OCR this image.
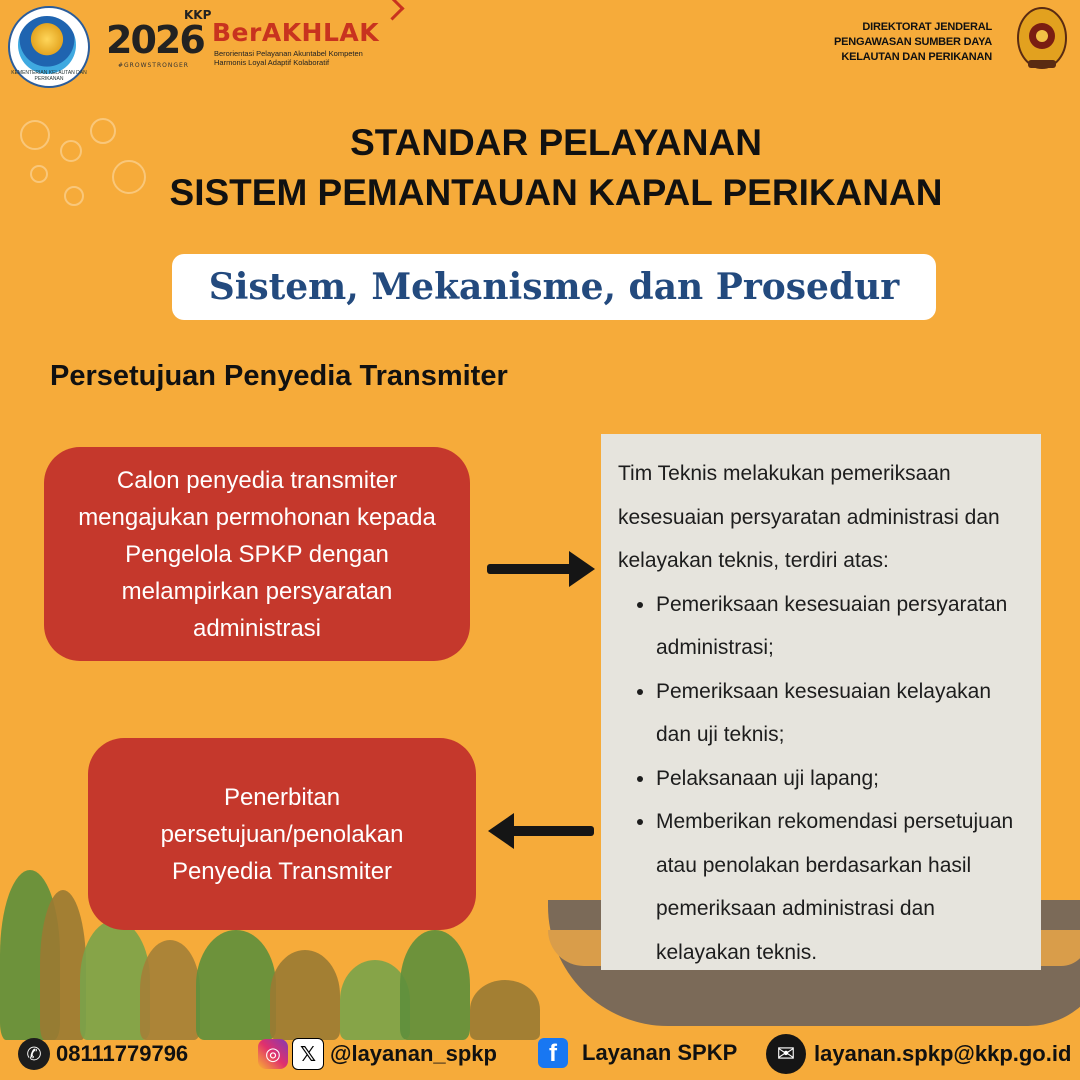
KEMENTERIAN KELAUTAN DAN PERIKANAN
2026
KKP
#GROWSTRONGER
BerAKHLAK
Berorientasi Pelayanan Akuntabel Kompeten
Harmonis Loyal Adaptif Kolaboratif
DIREKTORAT JENDERAL
PENGAWASAN SUMBER DAYA
KELAUTAN DAN PERIKANAN
STANDAR PELAYANAN
SISTEM PEMANTAUAN KAPAL PERIKANAN
Sistem, Mekanisme, dan Prosedur
Persetujuan Penyedia Transmiter
Calon penyedia transmiter mengajukan permohonan kepada Pengelola SPKP dengan melampirkan persyaratan administrasi
Tim Teknis melakukan pemeriksaan kesesuaian persyaratan administrasi dan kelayakan teknis, terdiri atas:
• Pemeriksaan kesesuaian persyaratan administrasi;
• Pemeriksaan kesesuaian kelayakan dan uji teknis;
• Pelaksanaan uji lapang;
• Memberikan rekomendasi persetujuan atau penolakan berdasarkan hasil pemeriksaan administrasi dan kelayakan teknis.
Penerbitan persetujuan/penolakan Penyedia Transmiter
✆ 08111779796	◎ 𝕏 @layanan_spkp	f	Layanan SPKP	✉ layanan.spkp@kkp.go.id
